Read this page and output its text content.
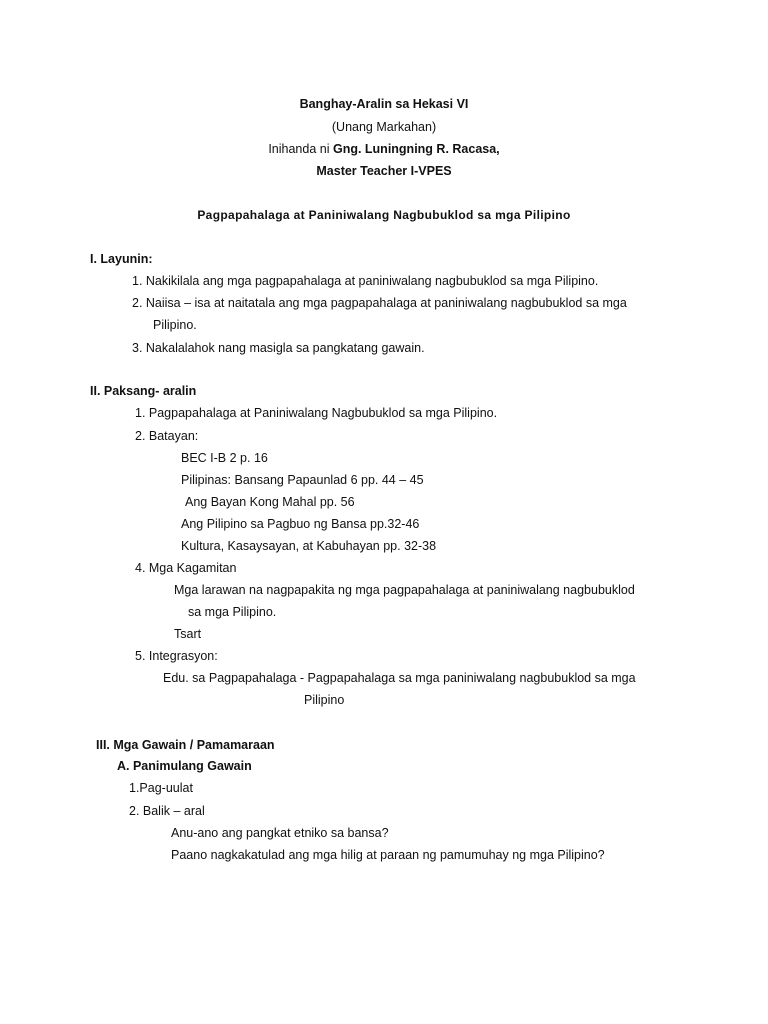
Banghay-Aralin sa Hekasi VI
(Unang Markahan)
Inihanda ni Gng. Luningning R. Racasa,
Master Teacher I-VPES
Pagpapahalaga at Paniniwalang Nagbubuklod sa mga Pilipino
I. Layunin:
1. Nakikilala ang mga pagpapahalaga at paniniwalang nagbubuklod sa mga Pilipino.
2. Naiisa – isa at naitatala ang mga pagpapahalaga at paniniwalang nagbubuklod sa mga
Pilipino.
3. Nakalalahok nang masigla sa pangkatang gawain.
II. Paksang- aralin
1. Pagpapahalaga at Paniniwalang Nagbubuklod sa mga Pilipino.
2. Batayan:
BEC I-B 2 p. 16
Pilipinas: Bansang Papaunlad 6 pp. 44 – 45
Ang Bayan Kong Mahal pp. 56
Ang Pilipino sa Pagbuo ng Bansa pp.32-46
Kultura, Kasaysayan, at Kabuhayan pp. 32-38
4. Mga Kagamitan
Mga larawan na nagpapakita ng mga pagpapahalaga at paniniwalang nagbubuklod
sa mga Pilipino.
Tsart
5. Integrasyon:
Edu. sa Pagpapahalaga - Pagpapahalaga sa mga paniniwalang nagbubuklod sa mga
Pilipino
III. Mga Gawain / Pamamaraan
A. Panimulang Gawain
1.Pag-uulat
2. Balik – aral
Anu-ano ang pangkat etniko sa bansa?
Paano nagkakatulad ang mga hilig at paraan ng pamumuhay ng mga Pilipino?
